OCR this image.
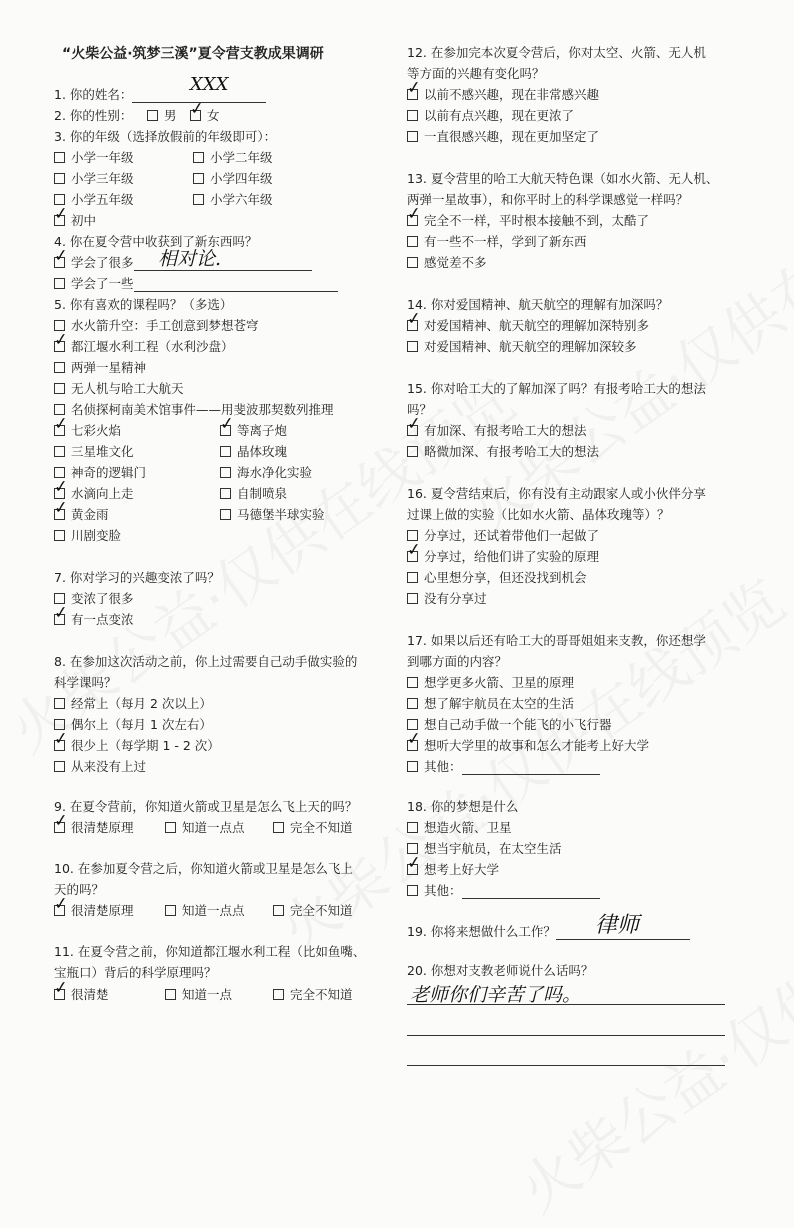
“火柴公益·筑梦三溪”夏令营支教成果调研
1. 你的姓名：	XXX
2. 你的性别：	男 ✓ 女
3. 你的年级（选择放假前的年级即可）：
小学一年级	小学二年级
小学三年级	小学四年级
小学五年级	小学六年级
✓ 初中
4. 你在夏令营中收获到了新东西吗？
✓ 学会了很多	相对论.
学会了一些
5. 你有喜欢的课程吗？（多选）
水火箭升空：手工创意到梦想苍穹
✓ 都江堰水利工程（水利沙盘）
两弹一星精神
无人机与哈工大航天
名侦探柯南美术馆事件——用斐波那契数列推理
✓ 七彩火焰	✓ 等离子炮
三星堆文化	晶体玫瑰
神奇的逻辑门	海水净化实验
✓ 水滴向上走	自制喷泉
✓ 黄金雨	马德堡半球实验
川剧变脸
7. 你对学习的兴趣变浓了吗？
变浓了很多
✓ 有一点变浓
8. 在参加这次活动之前，你上过需要自己动手做实验的
科学课吗？
经常上（每月 2 次以上）
偶尔上（每月 1 次左右）
✓ 很少上（每学期 1 - 2 次）
从来没有上过
9. 在夏令营前，你知道火箭或卫星是怎么飞上天的吗？
✓ 很清楚原理	知道一点点	完全不知道
10. 在参加夏令营之后，你知道火箭或卫星是怎么飞上
天的吗？
✓ 很清楚原理	知道一点点	完全不知道
11. 在夏令营之前，你知道都江堰水利工程（比如鱼嘴、
宝瓶口）背后的科学原理吗？
✓ 很清楚	知道一点	完全不知道
12. 在参加完本次夏令营后，你对太空、火箭、无人机
等方面的兴趣有变化吗？
✓ 以前不感兴趣，现在非常感兴趣
以前有点兴趣，现在更浓了
一直很感兴趣，现在更加坚定了
13. 夏令营里的哈工大航天特色课（如水火箭、无人机、
两弹一星故事），和你平时上的科学课感觉一样吗？
✓ 完全不一样，平时根本接触不到，太酷了
有一些不一样，学到了新东西
感觉差不多
14. 你对爱国精神、航天航空的理解有加深吗？
✓ 对爱国精神、航天航空的理解加深特别多
对爱国精神、航天航空的理解加深较多
15. 你对哈工大的了解加深了吗？有报考哈工大的想法
吗？
✓ 有加深、有报考哈工大的想法
略微加深、有报考哈工大的想法
16. 夏令营结束后，你有没有主动跟家人或小伙伴分享
过课上做的实验（比如水火箭、晶体玫瑰等）？
分享过，还试着带他们一起做了
✓ 分享过，给他们讲了实验的原理
心里想分享，但还没找到机会
没有分享过
17. 如果以后还有哈工大的哥哥姐姐来支教，你还想学
到哪方面的内容？
想学更多火箭、卫星的原理
想了解宇航员在太空的生活
想自己动手做一个能飞的小飞行器
✓ 想听大学里的故事和怎么才能考上好大学
其他：
18. 你的梦想是什么
想造火箭、卫星
想当宇航员，在太空生活
✓ 想考上好大学
其他：
19. 你将来想做什么工作？	律师
20. 你想对支教老师说什么话吗？
老师你们辛苦了吗。
